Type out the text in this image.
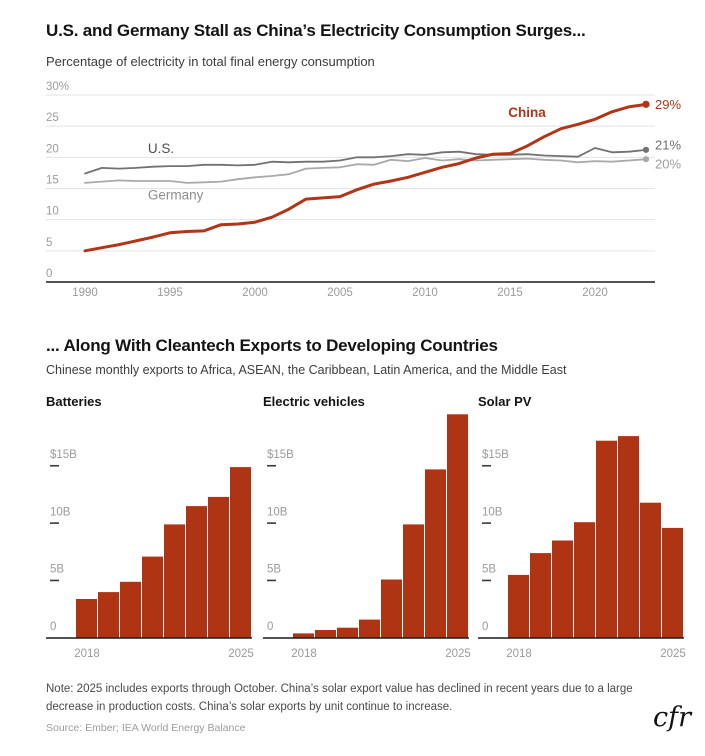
U.S. and Germany Stall as China’s Electricity Consumption Surges...
Percentage of electricity in total final energy consumption
30%
25
20
15
10
5
0
1990	1995	2000	2005	2010	2015	2020
20%
21%
29%
U.S.
Germany
China
... Along With Cleantech Exports to Developing Countries
Chinese monthly exports to Africa, ASEAN, the Caribbean, Latin America, and the Middle East
Batteries	Electric vehicles	Solar PV
$15B
10B
5B
0
2018	2025
$15B
10B
5B
0
2018	2025
$15B
10B
5B
0
2018	2025
Note: 2025 includes exports through October. China’s solar export value has declined in recent years due to a large
decrease in production costs. China’s solar exports by unit continue to increase.
Source: Ember; IEA World Energy Balance	cfr
